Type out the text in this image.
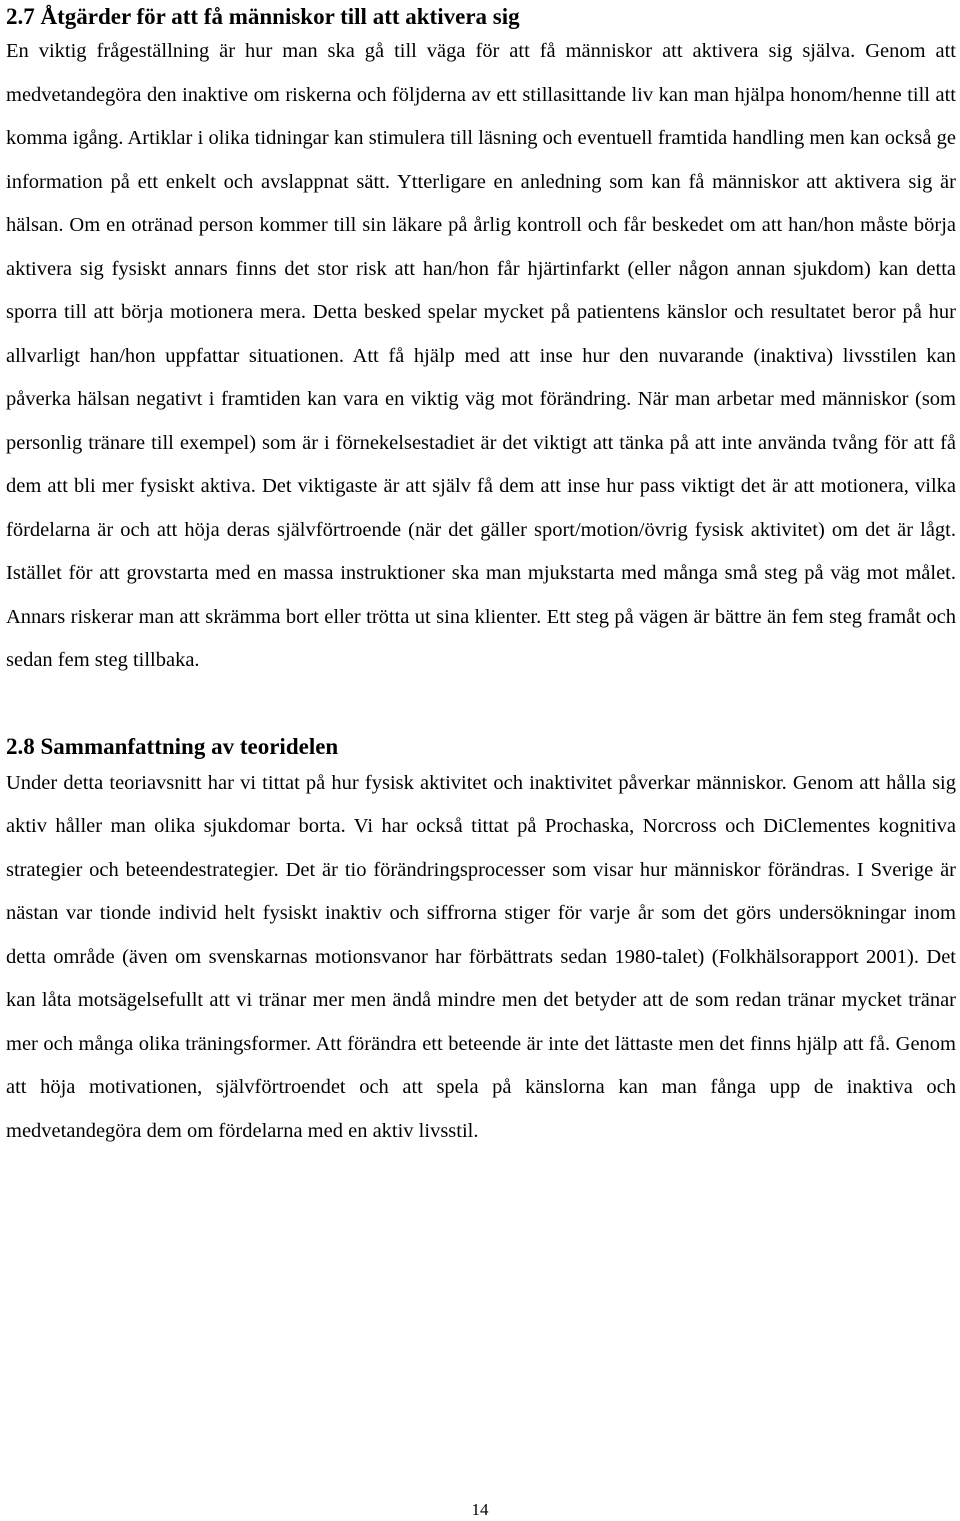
2.7 Åtgärder för att få människor till att aktivera sig

En viktig frågeställning är hur man ska gå till väga för att få människor att aktivera sig själva. Genom att medvetandegöra den inaktive om riskerna och följderna av ett stillasittande liv kan man hjälpa honom/henne till att komma igång. Artiklar i olika tidningar kan stimulera till läsning och eventuell framtida handling men kan också ge information på ett enkelt och avslappnat sätt. Ytterligare en anledning som kan få människor att aktivera sig är hälsan. Om en otränad person kommer till sin läkare på årlig kontroll och får beskedet om att han/hon måste börja aktivera sig fysiskt annars finns det stor risk att han/hon får hjärtinfarkt (eller någon annan sjukdom) kan detta sporra till att börja motionera mera. Detta besked spelar mycket på patientens känslor och resultatet beror på hur allvarligt han/hon uppfattar situationen. Att få hjälp med att inse hur den nuvarande (inaktiva) livsstilen kan påverka hälsan negativt i framtiden kan vara en viktig väg mot förändring. När man arbetar med människor (som personlig tränare till exempel) som är i förnekelsestadiet är det viktigt att tänka på att inte använda tvång för att få dem att bli mer fysiskt aktiva. Det viktigaste är att själv få dem att inse hur pass viktigt det är att motionera, vilka fördelarna är och att höja deras självförtroende (när det gäller sport/motion/övrig fysisk aktivitet) om det är lågt. Istället för att grovstarta med en massa instruktioner ska man mjukstarta med många små steg på väg mot målet. Annars riskerar man att skrämma bort eller trötta ut sina klienter. Ett steg på vägen är bättre än fem steg framåt och sedan fem steg tillbaka.

2.8 Sammanfattning av teoridelen

Under detta teoriavsnitt har vi tittat på hur fysisk aktivitet och inaktivitet påverkar människor. Genom att hålla sig aktiv håller man olika sjukdomar borta. Vi har också tittat på Prochaska, Norcross och DiClementes kognitiva strategier och beteendestrategier. Det är tio förändringsprocesser som visar hur människor förändras. I Sverige är nästan var tionde individ helt fysiskt inaktiv och siffrorna stiger för varje år som det görs undersökningar inom detta område (även om svenskarnas motionsvanor har förbättrats sedan 1980-talet) (Folkhälsorapport 2001). Det kan låta motsägelsefullt att vi tränar mer men ändå mindre men det betyder att de som redan tränar mycket tränar mer och många olika träningsformer. Att förändra ett beteende är inte det lättaste men det finns hjälp att få. Genom att höja motivationen, självförtroendet och att spela på känslorna kan man fånga upp de inaktiva och medvetandegöra dem om fördelarna med en aktiv livsstil.

14
